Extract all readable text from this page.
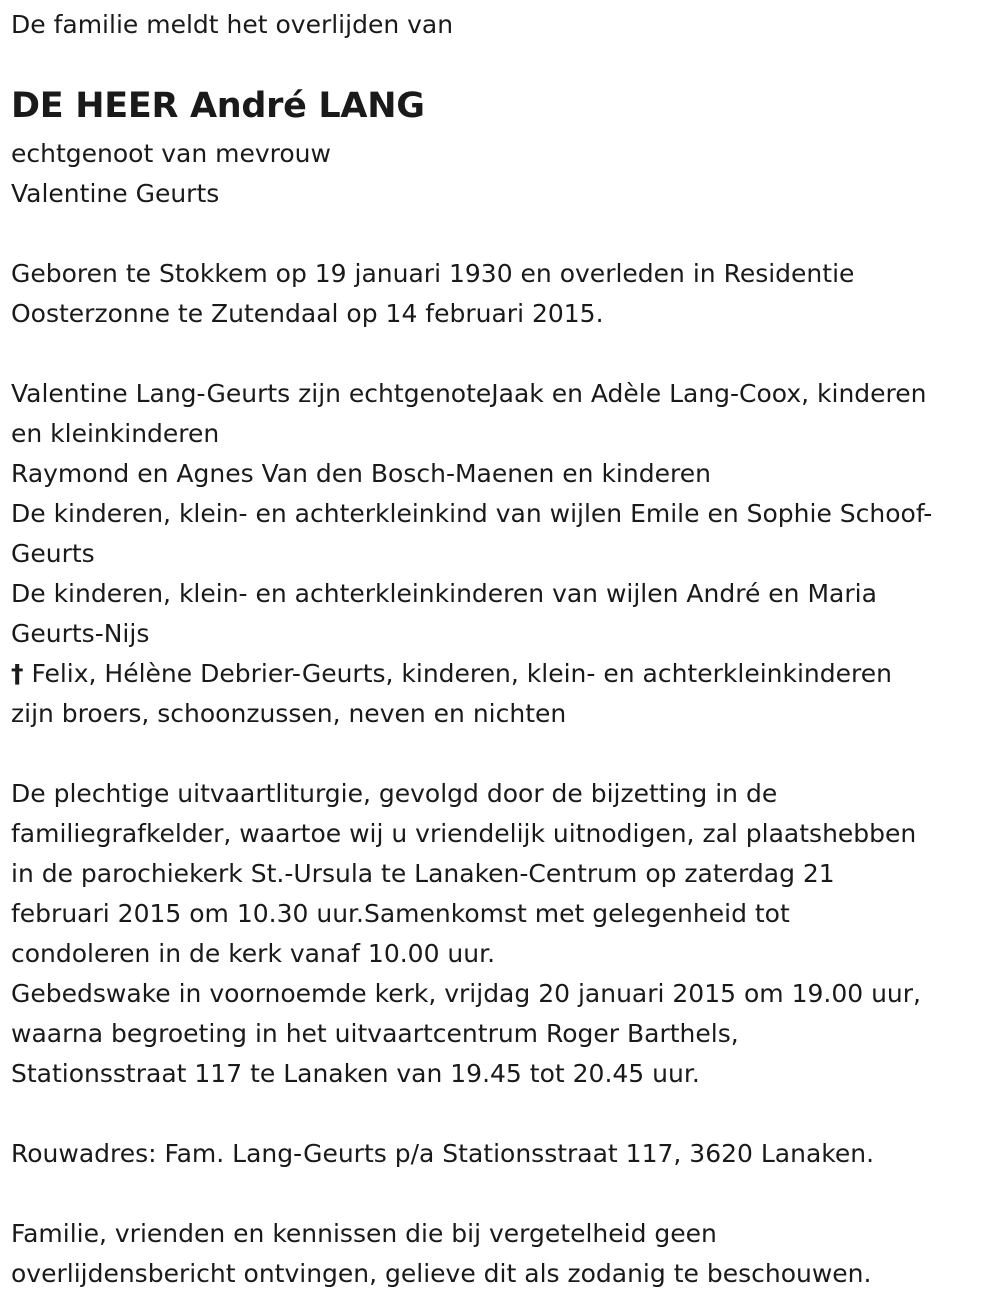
De familie meldt het overlijden van

DE HEER André LANG

echtgenoot van mevrouw

Valentine Geurts

Geboren te Stokkem op 19 januari 1930 en overleden in Residentie

Oosterzonne te Zutendaal op 14 februari 2015.

Valentine Lang-Geurts zijn echtgenoteJaak en Adèle Lang-Coox, kinderen

en kleinkinderen

Raymond en Agnes Van den Bosch-Maenen en kinderen

De kinderen, klein- en achterkleinkind van wijlen Emile en Sophie Schoof-

Geurts

De kinderen, klein- en achterkleinkinderen van wijlen André en Maria

Geurts-Nijs

† Felix, Hélène Debrier-Geurts, kinderen, klein- en achterkleinkinderen

zijn broers, schoonzussen, neven en nichten

De plechtige uitvaartliturgie, gevolgd door de bijzetting in de

familiegrafkelder, waartoe wij u vriendelijk uitnodigen, zal plaatshebben

in de parochiekerk St.-Ursula te Lanaken-Centrum op zaterdag 21

februari 2015 om 10.30 uur.Samenkomst met gelegenheid tot

condoleren in de kerk vanaf 10.00 uur.

Gebedswake in voornoemde kerk, vrijdag 20 januari 2015 om 19.00 uur,

waarna begroeting in het uitvaartcentrum Roger Barthels,

Stationsstraat 117 te Lanaken van 19.45 tot 20.45 uur.

Rouwadres: Fam. Lang-Geurts p/a Stationsstraat 117, 3620 Lanaken.

Familie, vrienden en kennissen die bij vergetelheid geen

overlijdensbericht ontvingen, gelieve dit als zodanig te beschouwen.
